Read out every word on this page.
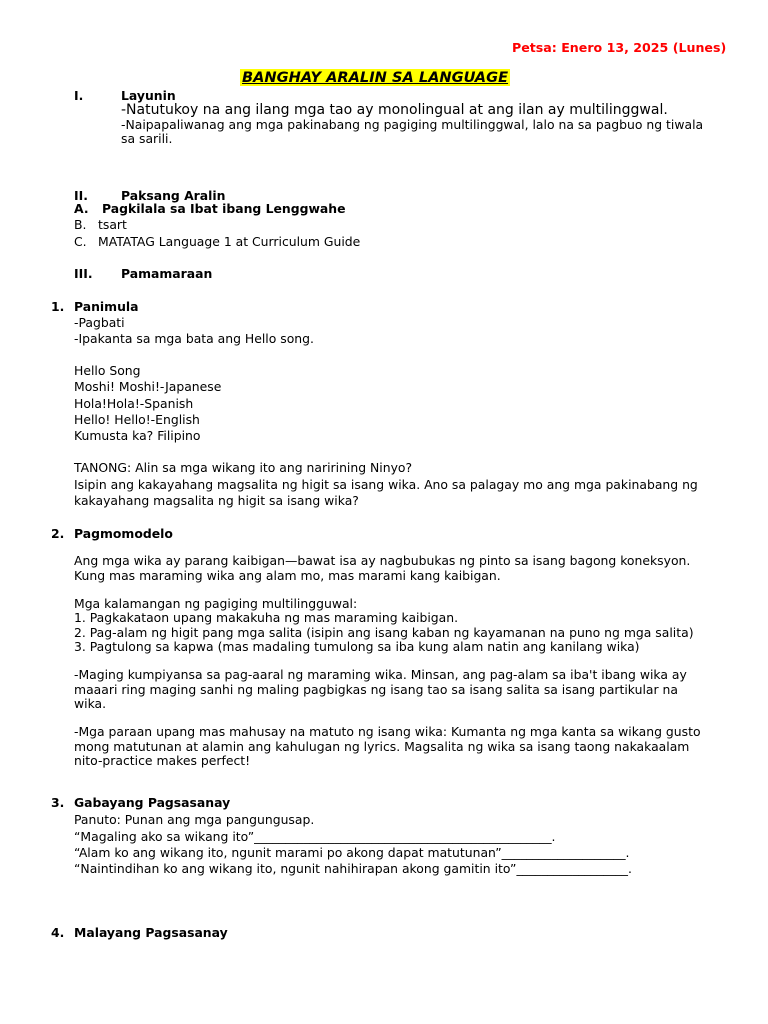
Petsa: Enero 13, 2025 (Lunes)
BANGHAY ARALIN SA LANGUAGE
I.	Layunin
-Natutukoy na ang ilang mga tao ay monolingual at ang ilan ay multilinggwal.
-Naipapaliwanag ang mga pakinabang ng pagiging multilinggwal, lalo na sa pagbuo ng tiwala
sa sarili.
II.	Paksang Aralin
A. Pagkilala sa Ibat ibang Lenggwahe
B. tsart
C. MATATAG Language 1 at Curriculum Guide
III. Pamamaraan
1. Panimula
-Pagbati
-Ipakanta sa mga bata ang Hello song.
Hello Song
Moshi! Moshi!-Japanese
Hola!Hola!-Spanish
Hello! Hello!-English
Kumusta ka? Filipino
TANONG: Alin sa mga wikang ito ang naririning Ninyo?
Isipin ang kakayahang magsalita ng higit sa isang wika. Ano sa palagay mo ang mga pakinabang ng
kakayahang magsalita ng higit sa isang wika?
2. Pagmomodelo
Ang mga wika ay parang kaibigan—bawat isa ay nagbubukas ng pinto sa isang bagong koneksyon.
Kung mas maraming wika ang alam mo, mas marami kang kaibigan.
Mga kalamangan ng pagiging multilingguwal:
1. Pagkakataon upang makakuha ng mas maraming kaibigan.
2. Pag-alam ng higit pang mga salita (isipin ang isang kaban ng kayamanan na puno ng mga salita)
3. Pagtulong sa kapwa (mas madaling tumulong sa iba kung alam natin ang kanilang wika)
-Maging kumpiyansa sa pag-aaral ng maraming wika. Minsan, ang pag-alam sa iba't ibang wika ay
maaari ring maging sanhi ng maling pagbigkas ng isang tao sa isang salita sa isang partikular na
wika.
-Mga paraan upang mas mahusay na matuto ng isang wika: Kumanta ng mga kanta sa wikang gusto
mong matutunan at alamin ang kahulugan ng lyrics. Magsalita ng wika sa isang taong nakakaalam
nito-practice makes perfect!
3. Gabayang Pagsasanay
Panuto: Punan ang mga pangungusap.
“Magaling ako sa wikang ito”________________________________________________.
“Alam ko ang wikang ito, ngunit marami po akong dapat matutunan”____________________.
“Naintindihan ko ang wikang ito, ngunit nahihirapan akong gamitin ito”__________________.
4. Malayang Pagsasanay
